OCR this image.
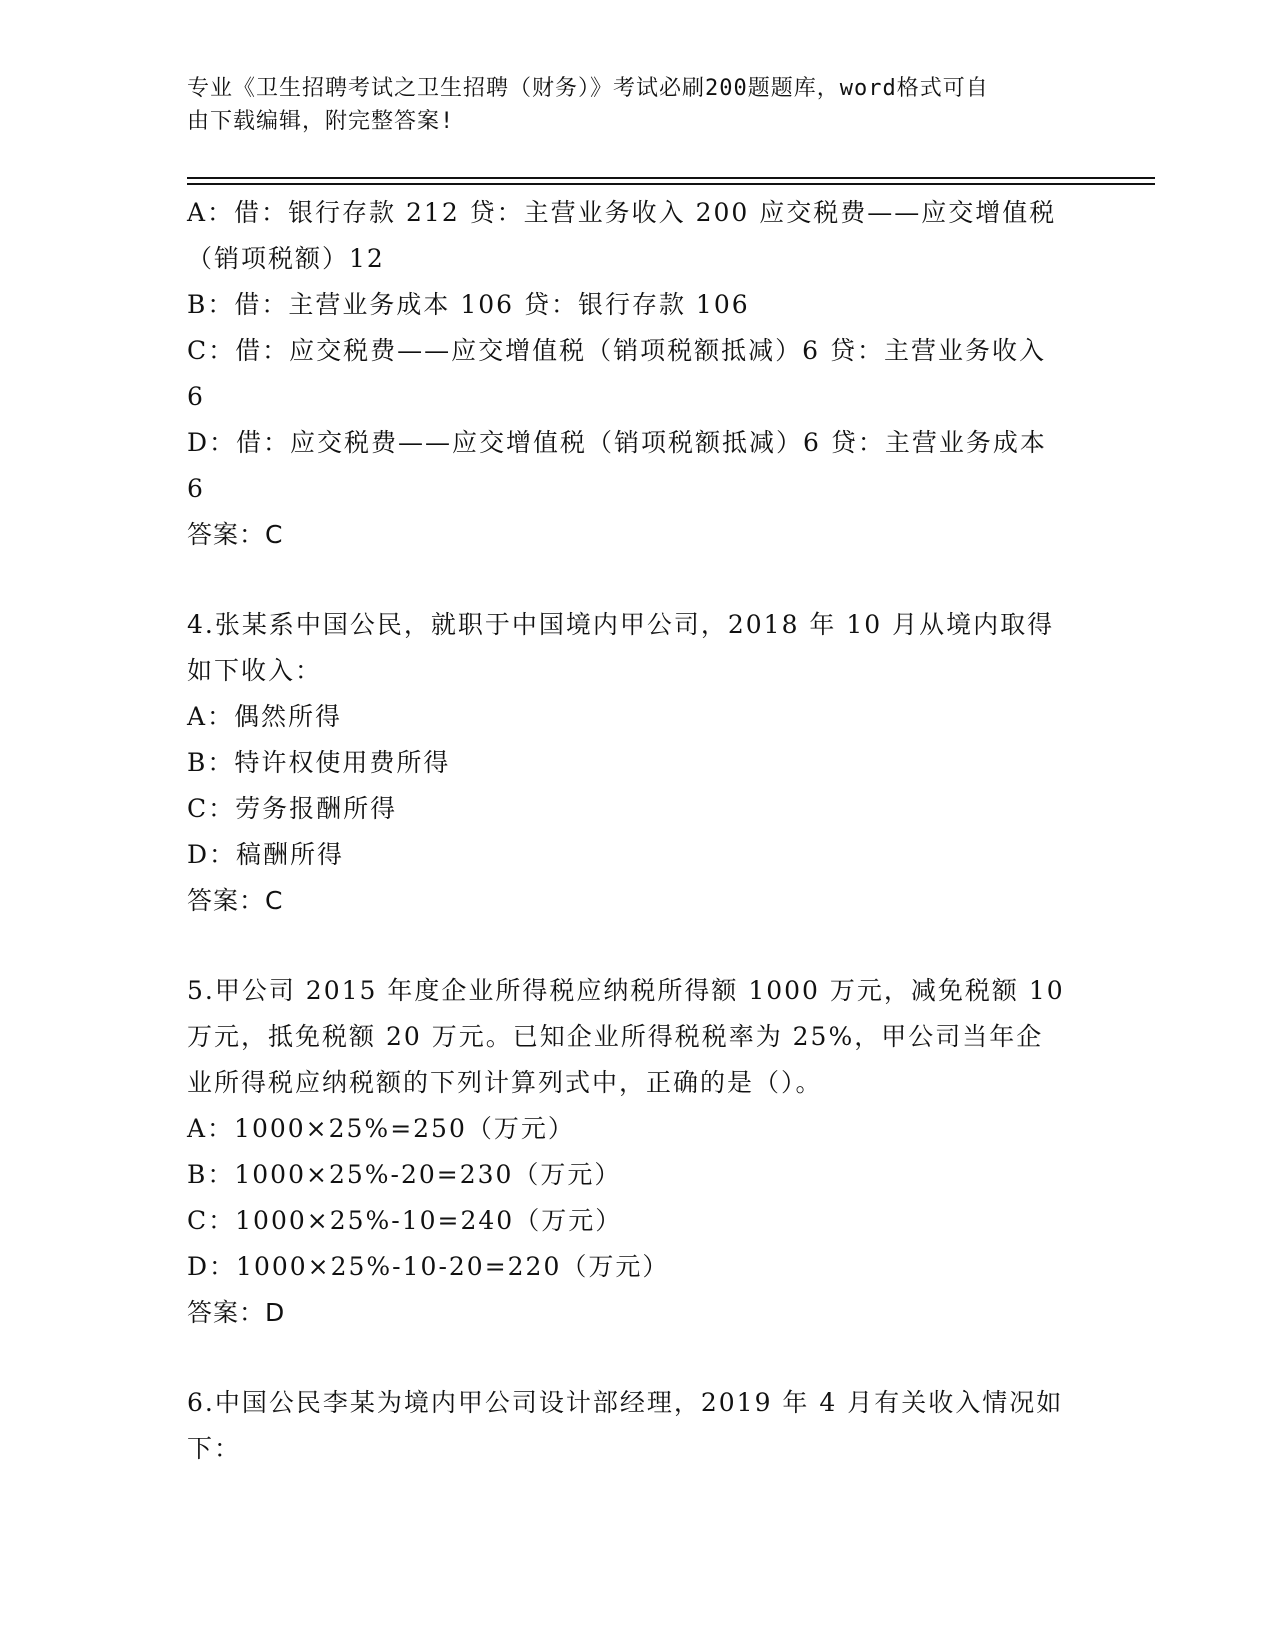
专业《卫生招聘考试之卫生招聘（财务）》考试必刷200题题库，word格式可自
由下载编辑，附完整答案!
A：借：银行存款 212 贷：主营业务收入 200 应交税费——应交增值税（销项税额）12
B：借：主营业务成本 106 贷：银行存款 106
C：借：应交税费——应交增值税（销项税额抵减）6 贷：主营业务收入 6
D：借：应交税费——应交增值税（销项税额抵减）6 贷：主营业务成本 6
答案：C
4.张某系中国公民，就职于中国境内甲公司，2018 年 10 月从境内取得如下收入：
A：偶然所得
B：特许权使用费所得
C：劳务报酬所得
D：稿酬所得
答案：C
5.甲公司 2015 年度企业所得税应纳税所得额 1000 万元，减免税额 10 万元，抵免税额 20 万元。已知企业所得税税率为 25%，甲公司当年企业所得税应纳税额的下列计算列式中，正确的是（）。
A：1000×25%=250（万元）
B：1000×25%-20=230（万元）
C：1000×25%-10=240（万元）
D：1000×25%-10-20=220（万元）
答案：D
6.中国公民李某为境内甲公司设计部经理，2019 年 4 月有关收入情况如下：
